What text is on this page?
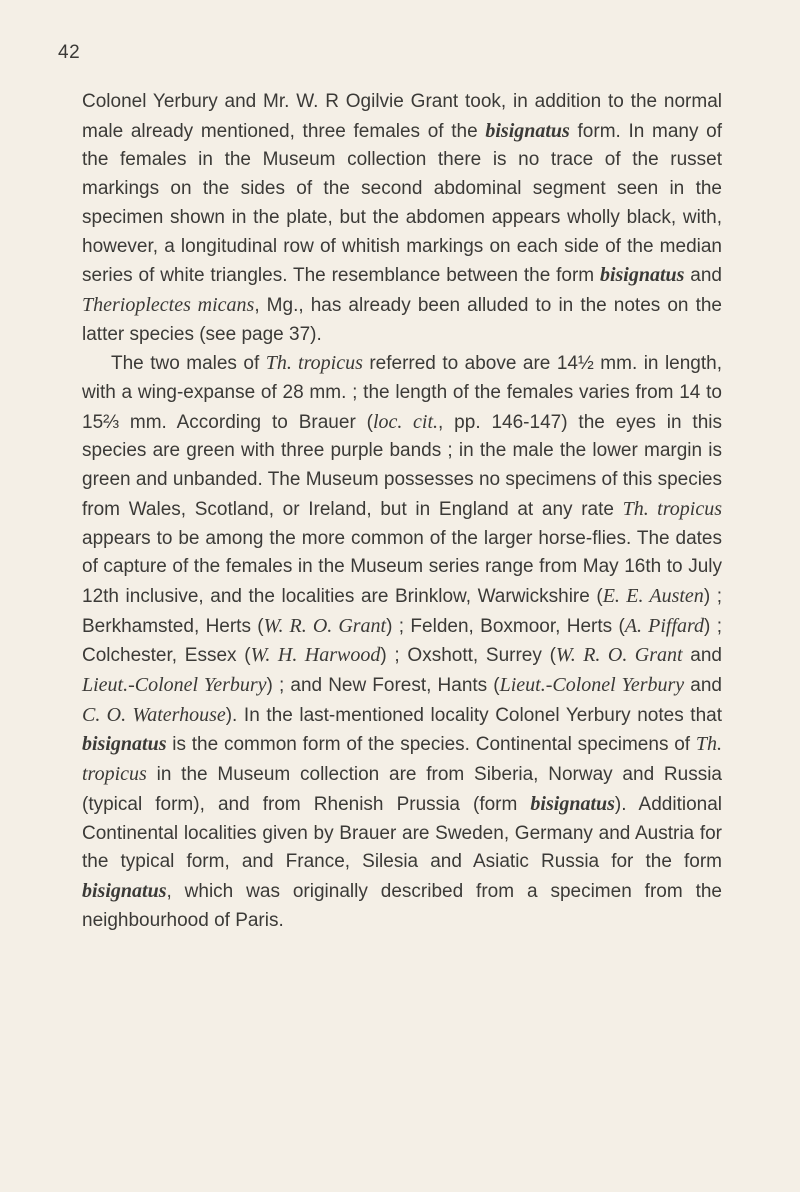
42

Colonel Yerbury and Mr. W. R Ogilvie Grant took, in addition to the normal male already mentioned, three females of the bisignatus form. In many of the females in the Museum collection there is no trace of the russet markings on the sides of the second abdominal segment seen in the specimen shown in the plate, but the abdomen appears wholly black, with, however, a longitudinal row of whitish markings on each side of the median series of white triangles. The resemblance between the form bisignatus and Therioplectes micans, Mg., has already been alluded to in the notes on the latter species (see page 37).

The two males of Th. tropicus referred to above are 14½ mm. in length, with a wing-expanse of 28 mm. ; the length of the females varies from 14 to 15⅔ mm. According to Brauer (loc. cit., pp. 146-147) the eyes in this species are green with three purple bands ; in the male the lower margin is green and unbanded. The Museum possesses no specimens of this species from Wales, Scotland, or Ireland, but in England at any rate Th. tropicus appears to be among the more common of the larger horse-flies. The dates of capture of the females in the Museum series range from May 16th to July 12th inclusive, and the localities are Brinklow, Warwickshire (E. E. Austen) ; Berkhamsted, Herts (W. R. O. Grant) ; Felden, Boxmoor, Herts (A. Piffard) ; Colchester, Essex (W. H. Harwood) ; Oxshott, Surrey (W. R. O. Grant and Lieut.-Colonel Yerbury) ; and New Forest, Hants (Lieut.-Colonel Yerbury and C. O. Waterhouse). In the last-mentioned locality Colonel Yerbury notes that bisignatus is the common form of the species. Continental specimens of Th. tropicus in the Museum collection are from Siberia, Norway and Russia (typical form), and from Rhenish Prussia (form bisignatus). Additional Continental localities given by Brauer are Sweden, Germany and Austria for the typical form, and France, Silesia and Asiatic Russia for the form bisignatus, which was originally described from a specimen from the neighbourhood of Paris.
